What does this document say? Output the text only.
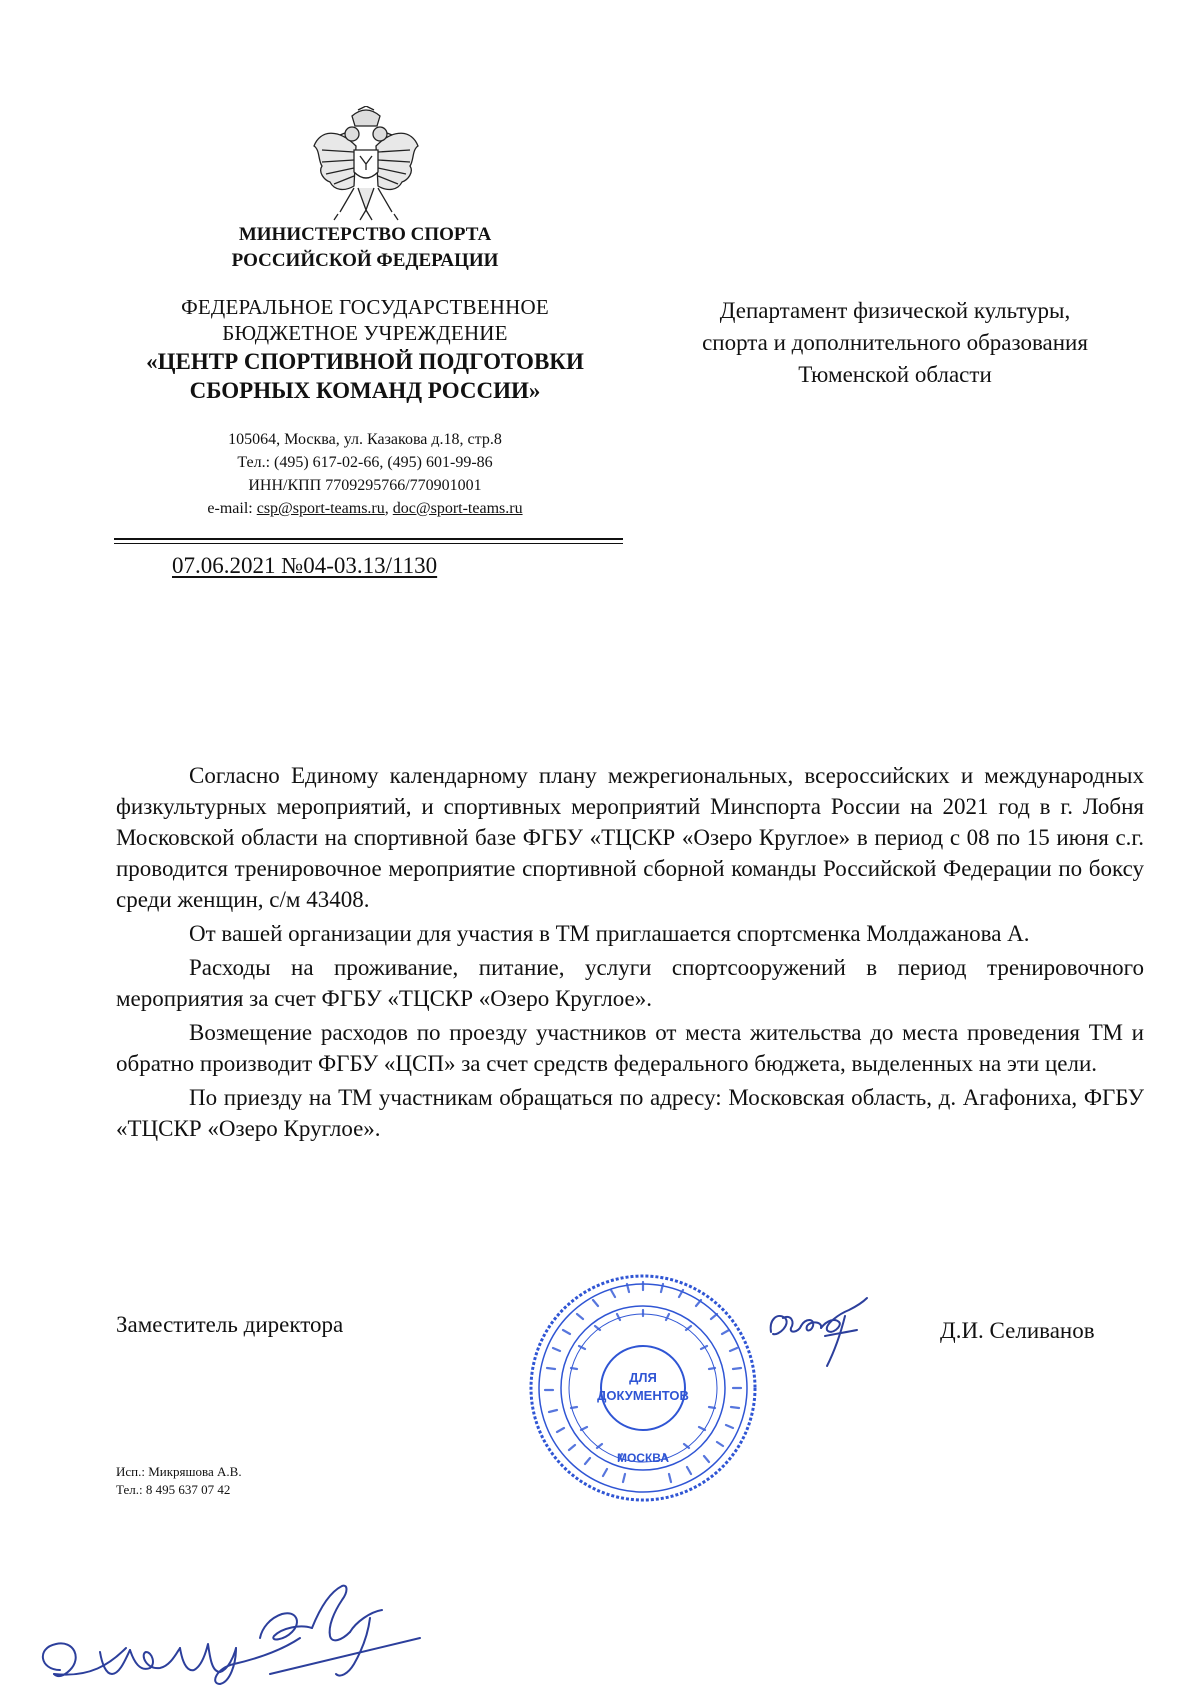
МИНИСТЕРСТВО СПОРТА
РОССИЙСКОЙ ФЕДЕРАЦИИ
ФЕДЕРАЛЬНОЕ ГОСУДАРСТВЕННОЕ
БЮДЖЕТНОЕ УЧРЕЖДЕНИЕ
«ЦЕНТР СПОРТИВНОЙ ПОДГОТОВКИ
СБОРНЫХ КОМАНД РОССИИ»
105064, Москва, ул. Казакова д.18, стр.8
Тел.: (495) 617-02-66, (495) 601-99-86
ИНН/КПП 7709295766/770901001
e-mail: csp@sport-teams.ru, doc@sport-teams.ru
07.06.2021 №04-03.13/1130
Департамент физической культуры,
спорта и дополнительного образования
Тюменской области

Согласно Единому календарному плану межрегиональных, всероссийских и международных физкультурных мероприятий, и спортивных мероприятий Минспорта России на 2021 год в г. Лобня Московской области на спортивной базе ФГБУ «ТЦСКР «Озеро Круглое» в период с 08 по 15 июня с.г. проводится тренировочное мероприятие спортивной сборной команды Российской Федерации по боксу среди женщин, с/м 43408.

От вашей организации для участия в ТМ приглашается спортсменка Молдажанова А.

Расходы на проживание, питание, услуги спортсооружений в период тренировочного мероприятия за счет ФГБУ «ТЦСКР «Озеро Круглое».

Возмещение расходов по проезду участников от места жительства до места проведения ТМ и обратно производит ФГБУ «ЦСП» за счет средств федерального бюджета, выделенных на эти цели.

По приезду на ТМ участникам обращаться по адресу: Московская область, д. Агафониха, ФГБУ «ТЦСКР «Озеро Круглое».

Заместитель директора
ДЛЯ
ДОКУМЕНТОВ
МОСКВА
Д.И. Селиванов
Исп.: Микряшова А.В.
Тел.: 8 495 637 07 42
